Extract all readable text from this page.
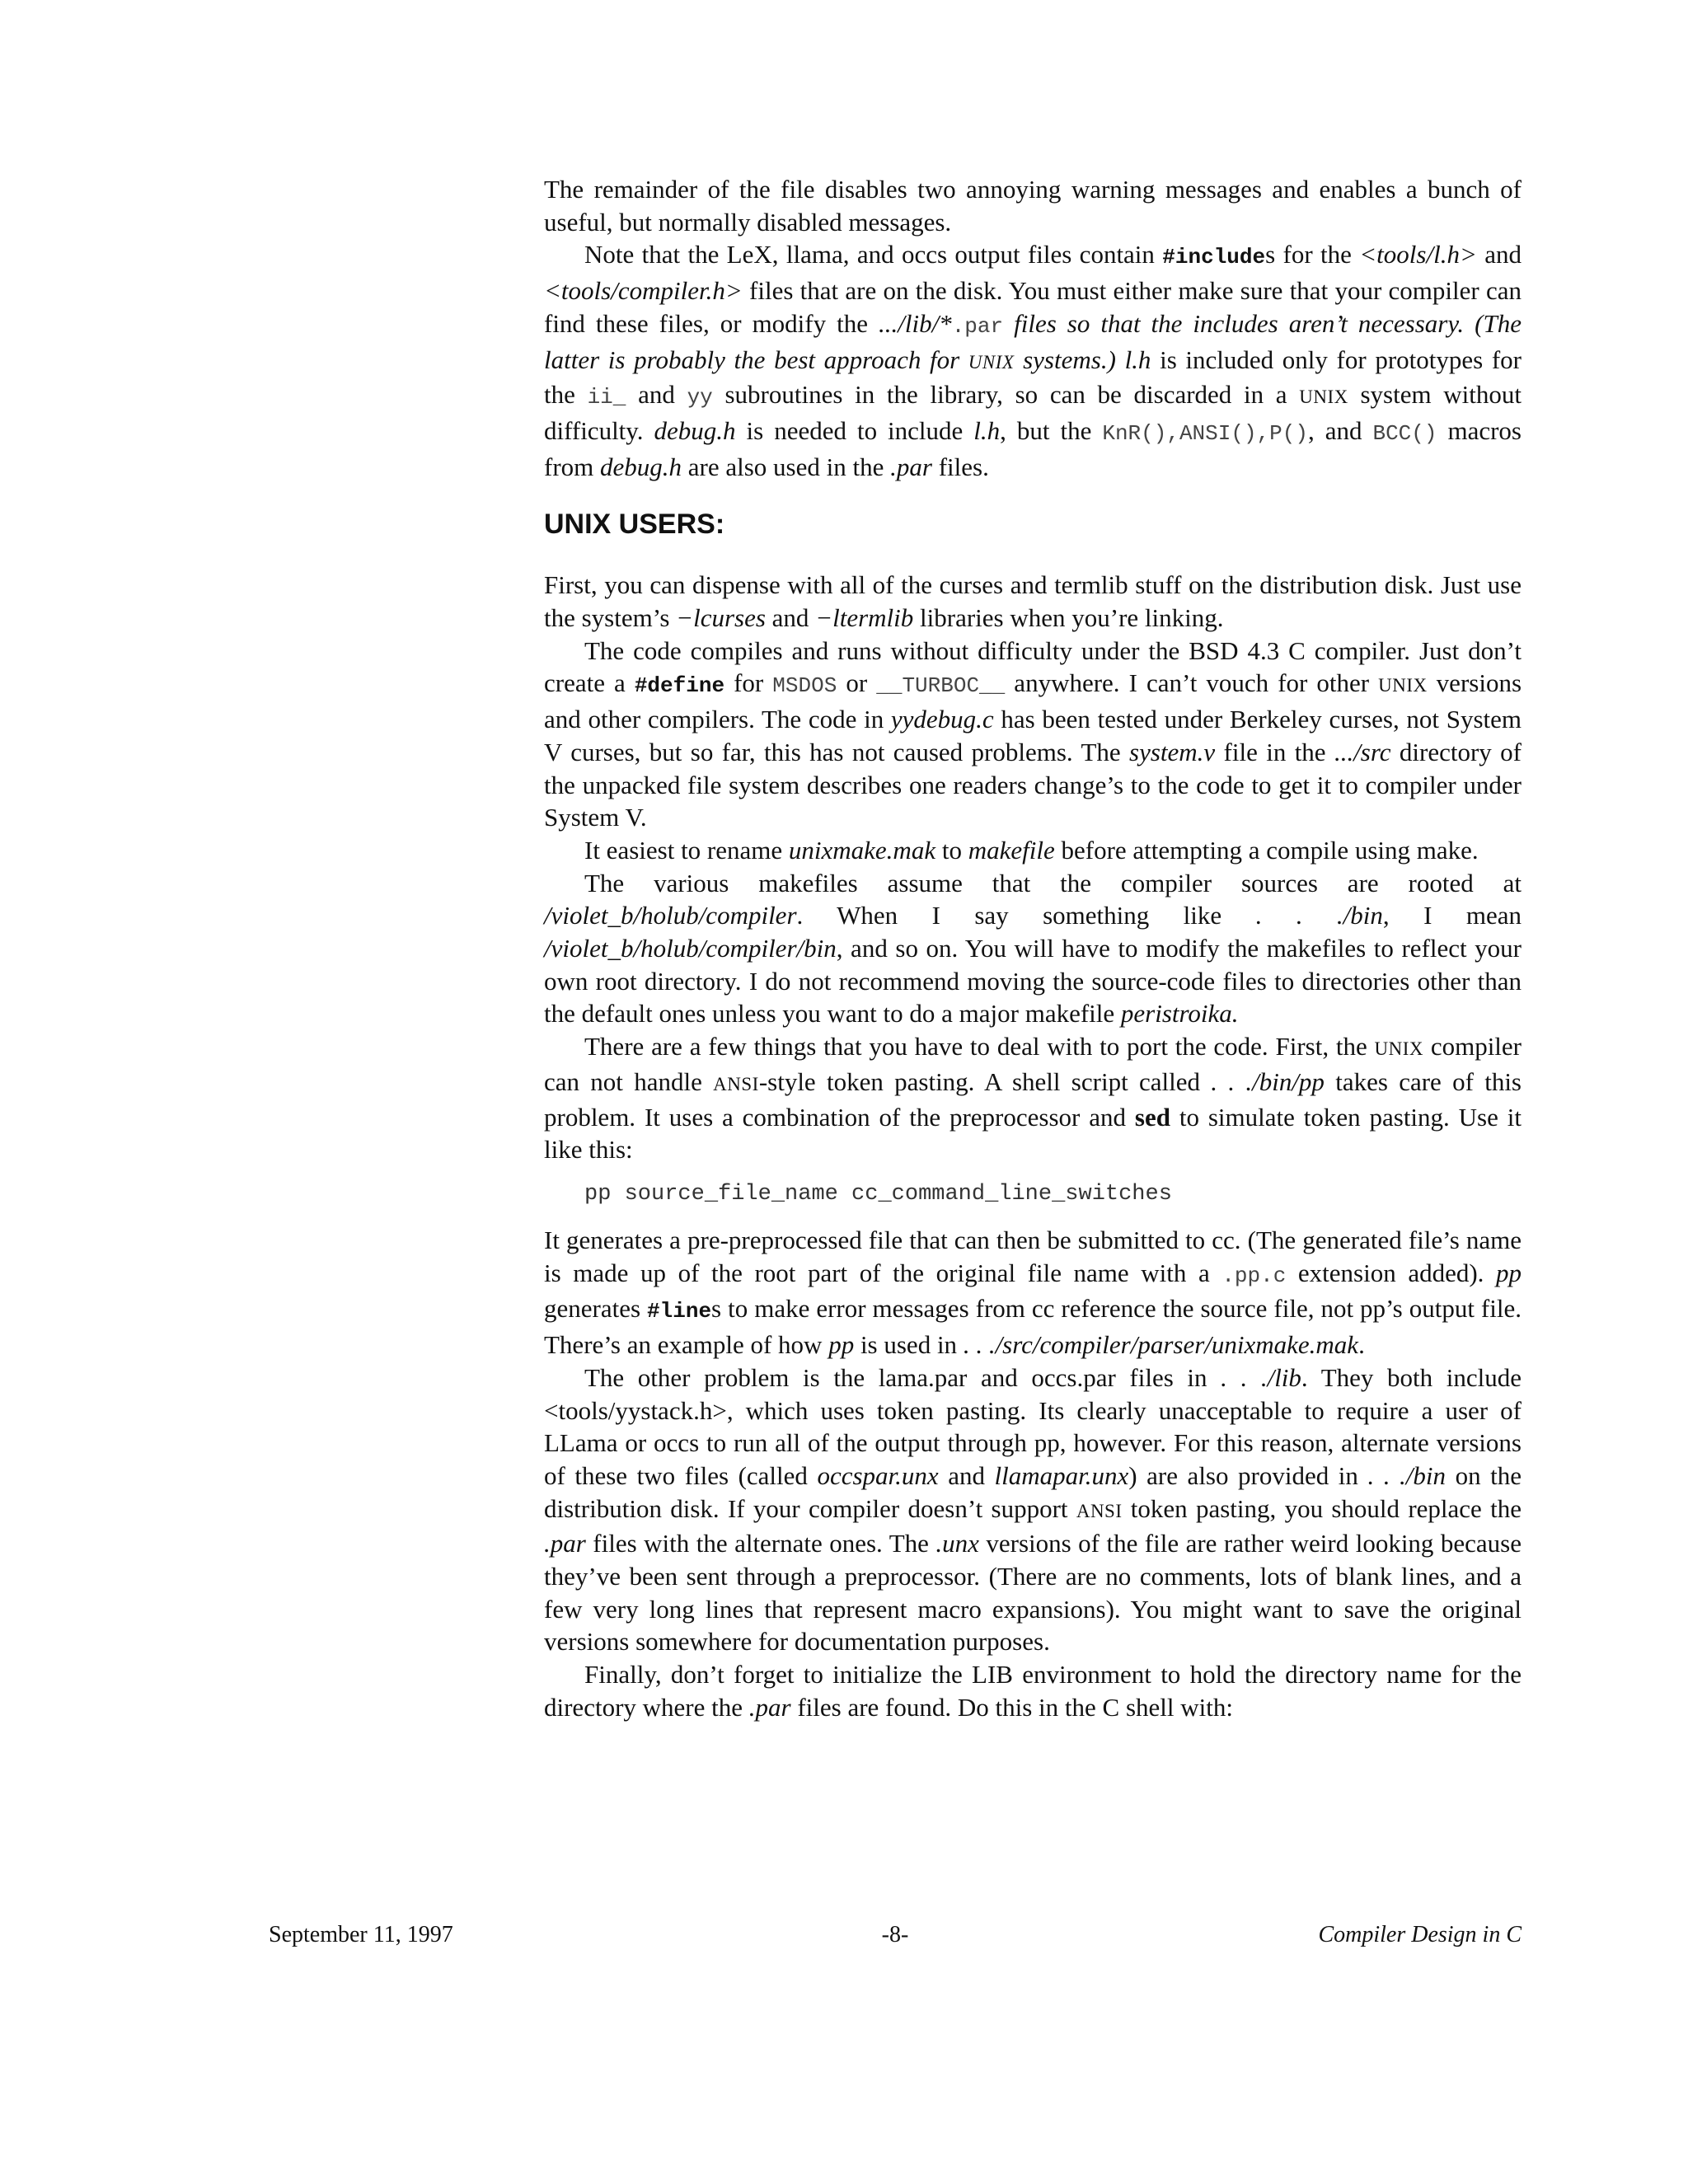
The remainder of the file disables two annoying warning messages and enables a bunch of useful, but normally disabled messages.

Note that the LeX, llama, and occs output files contain #includes for the <tools/l.h> and <tools/compiler.h> files that are on the disk. You must either make sure that your compiler can find these files, or modify the .../lib/*.par files so that the includes aren’t necessary. (The latter is probably the best approach for UNIX systems.) l.h is included only for prototypes for the ii_ and yy subroutines in the library, so can be discarded in a UNIX system without difficulty. debug.h is needed to include l.h, but the KnR(),ANSI(),P(), and BCC() macros from debug.h are also used in the .par files.

UNIX USERS:

First, you can dispense with all of the curses and termlib stuff on the distribution disk. Just use the system’s −lcurses and −ltermlib libraries when you’re linking.

The code compiles and runs without difficulty under the BSD 4.3 C compiler. Just don’t create a #define for MSDOS or __TURBOC__ anywhere. I can’t vouch for other UNIX versions and other compilers. The code in yydebug.c has been tested under Berkeley curses, not System V curses, but so far, this has not caused problems. The system.v file in the .../src directory of the unpacked file system describes one readers change’s to the code to get it to compiler under System V.

It easiest to rename unixmake.mak to makefile before attempting a compile using make.

The various makefiles assume that the compiler sources are rooted at /violet_b/holub/compiler. When I say something like . . ./bin, I mean /violet_b/holub/compiler/bin, and so on. You will have to modify the makefiles to reflect your own root directory. I do not recommend moving the source-code files to directories other than the default ones unless you want to do a major makefile peristroika.

There are a few things that you have to deal with to port the code. First, the UNIX compiler can not handle ANSI-style token pasting. A shell script called . . ./bin/pp takes care of this problem. It uses a combination of the preprocessor and sed to simulate token pasting. Use it like this:

pp source_file_name cc_command_line_switches

It generates a pre-preprocessed file that can then be submitted to cc. (The generated file’s name is made up of the root part of the original file name with a .pp.c extension added). pp generates #lines to make error messages from cc reference the source file, not pp’s output file. There’s an example of how pp is used in . . ./src/compiler/parser/unixmake.mak.

The other problem is the lama.par and occs.par files in . . ./lib. They both include <tools/yystack.h>, which uses token pasting. Its clearly unacceptable to require a user of LLama or occs to run all of the output through pp, however. For this reason, alternate versions of these two files (called occspar.unx and llamapar.unx) are also provided in . . ./bin on the distribution disk. If your compiler doesn’t support ANSI token pasting, you should replace the .par files with the alternate ones. The .unx versions of the file are rather weird looking because they’ve been sent through a preprocessor. (There are no comments, lots of blank lines, and a few very long lines that represent macro expansions). You might want to save the original versions somewhere for documentation purposes.

Finally, don’t forget to initialize the LIB environment to hold the directory name for the directory where the .par files are found. Do this in the C shell with:

September 11, 1997	-8-	Compiler Design in C
